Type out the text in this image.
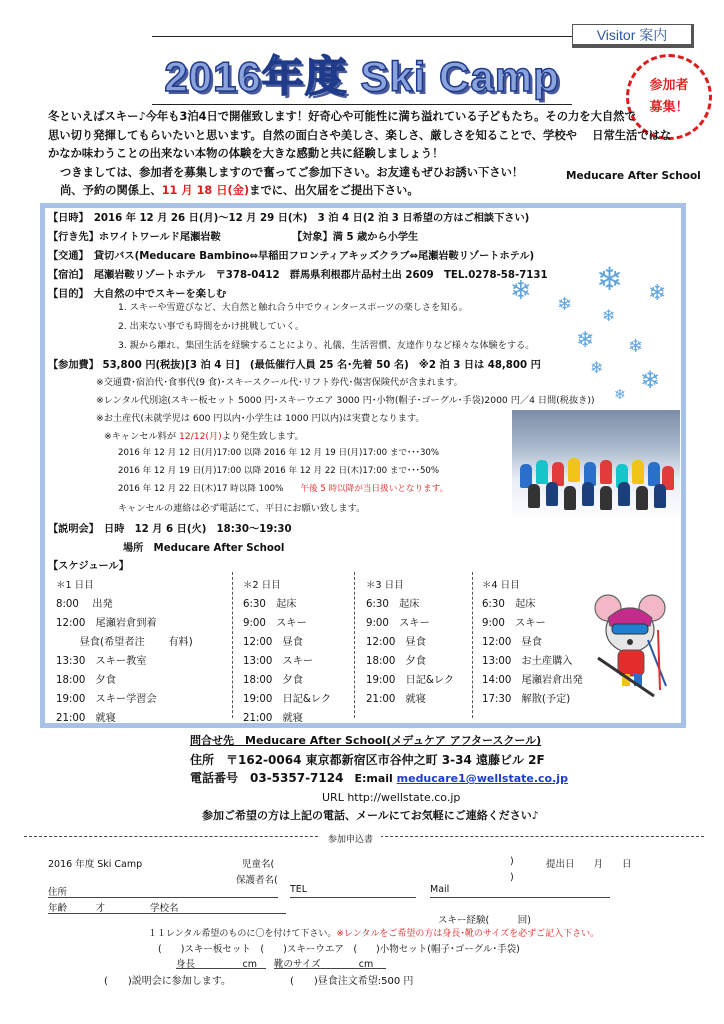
Visitor 案内
2016年度 Ski Camp	参加者
募集！

冬といえばスキー♪今年も3泊4日で開催致します！好奇心や可能性に満ち溢れている子どもたち。その力を大自然で

思い切り発揮してもらいたいと思います。自然の面白さや美しさ、楽しさ、厳しさを知ることで、学校や　 日常生活ではな

かなか味わうことの出来ない本物の体験を大きな感動と共に経験しましょう！

つきましては、参加者を募集しますので奮ってご参加下さい。お友達もぜひお誘い下さい！

尚、予約の関係上、11 月 18 日(金)までに、出欠届をご提出下さい。

Meducare After School
【日時】　2016 年 12 月 26 日(月)～12 月 29 日(木)　3 泊 4 日(2 泊 3 日希望の方はご相談下さい)
【行き先】ホワイトワールド尾瀬岩鞍	【対象】満 5 歳から小学生
【交通】　貸切バス(Meducare Bambino⇔早稲田フロンティアキッズクラブ⇔尾瀬岩鞍リゾートホテル)
【宿泊】　尾瀬岩鞍リゾートホテル　〒378-0412　群馬県利根郡片品村土出 2609　TEL.0278-58-7131
【目的】　大自然の中でスキーを楽しむ
1. スキーや雪遊びなど、大自然と触れ合う中でウィンタースポーツの楽しさを知る。
2. 出来ない事でも時間をかけ挑戦していく。
3. 親から離れ、集団生活を経験することにより、礼儀、生活習慣、友達作りなど様々な体験をする。
【参加費】 53,800 円(税抜)[3 泊 4 日]　(最低催行人員 25 名･先着 50 名)　※2 泊 3 日は 48,800 円
※交通費･宿泊代･食事代(9 食)･スキースクール代･リフト券代･傷害保険代が含まれます。
※レンタル代別途(スキー板セット 5000 円･スキーウエア 3000 円･小物(帽子･ゴーグル･手袋)2000 円／4 日間(税抜き))
※お土産代(未就学児は 600 円以内･小学生は 1000 円以内)は実費となります。
※キャンセル料が 12/12(月)より発生致します。
2016 年 12 月 12 日(月)17:00 以降 2016 年 12 月 19 日(月)17:00 まで･･･30%
2016 年 12 月 19 日(月)17:00 以降 2016 年 12 月 22 日(木)17:00 まで･･･50%
2016 年 12 月 22 日(木)17 時以降 100%　　 午後 5 時以降が当日扱いとなります。
キャンセルの連絡は必ず電話にて、平日にお願い致します。
【説明会】　日時　12 月 6 日(火)　18:30～19:30
場所　Meducare After School
【スケジュール】
❄
❄	❄
❄
❄
❄ ❄
❄ ❄
❄
＊1 日目
8:00　 出発
12:00　尾瀬岩倉到着
　　 昼食(希望者注　　 有料)
13:30　スキー教室
18:00　夕食
19:00　スキー学習会
21:00　就寝
＊2 日目
6:30　起床
9:00　スキー
12:00　昼食
13:00　スキー
18:00　夕食
19:00　日記&レク
21:00　就寝
＊3 日目
6:30　起床
9:00　スキー
12:00　昼食
18:00　夕食
19:00　日記&レク
21:00　就寝
＊4 日目
6:30　起床
9:00　スキー
12:00　昼食
13:00　お土産購入
14:00　尾瀬岩倉出発
17:30　解散(予定)
問合せ先　Meducare After School(メデュケア アフタースクール)
住所　〒162-0064 東京都新宿区市谷仲之町 3-34 遠藤ビル 2F
電話番号　03-5357-7124　 E:mail meducare1@wellstate.co.jp
URL http://wellstate.co.jp
参加ご希望の方は上記の電話、メールにてお気軽にご連絡ください♪
参加申込書
2016 年度 Ski Camp	児童名(	)	提出日　　月　　日
保護者名(	)
住所	TEL	Mail
年齢　　　才	学校名
スキー経験(　　　回)
１１レンタル希望のものに〇を付けて下さい。※レンタルをご希望の方は身長･靴のサイズを必ずご記入下さい。
(　　)スキー板セット　(　　)スキーウエア　(　　)小物セット(帽子･ゴーグル･手袋)
身長　　　　　cm 靴のサイズ　　　　cm
(　　)説明会に参加します。	(　　)昼食注文希望:500 円
